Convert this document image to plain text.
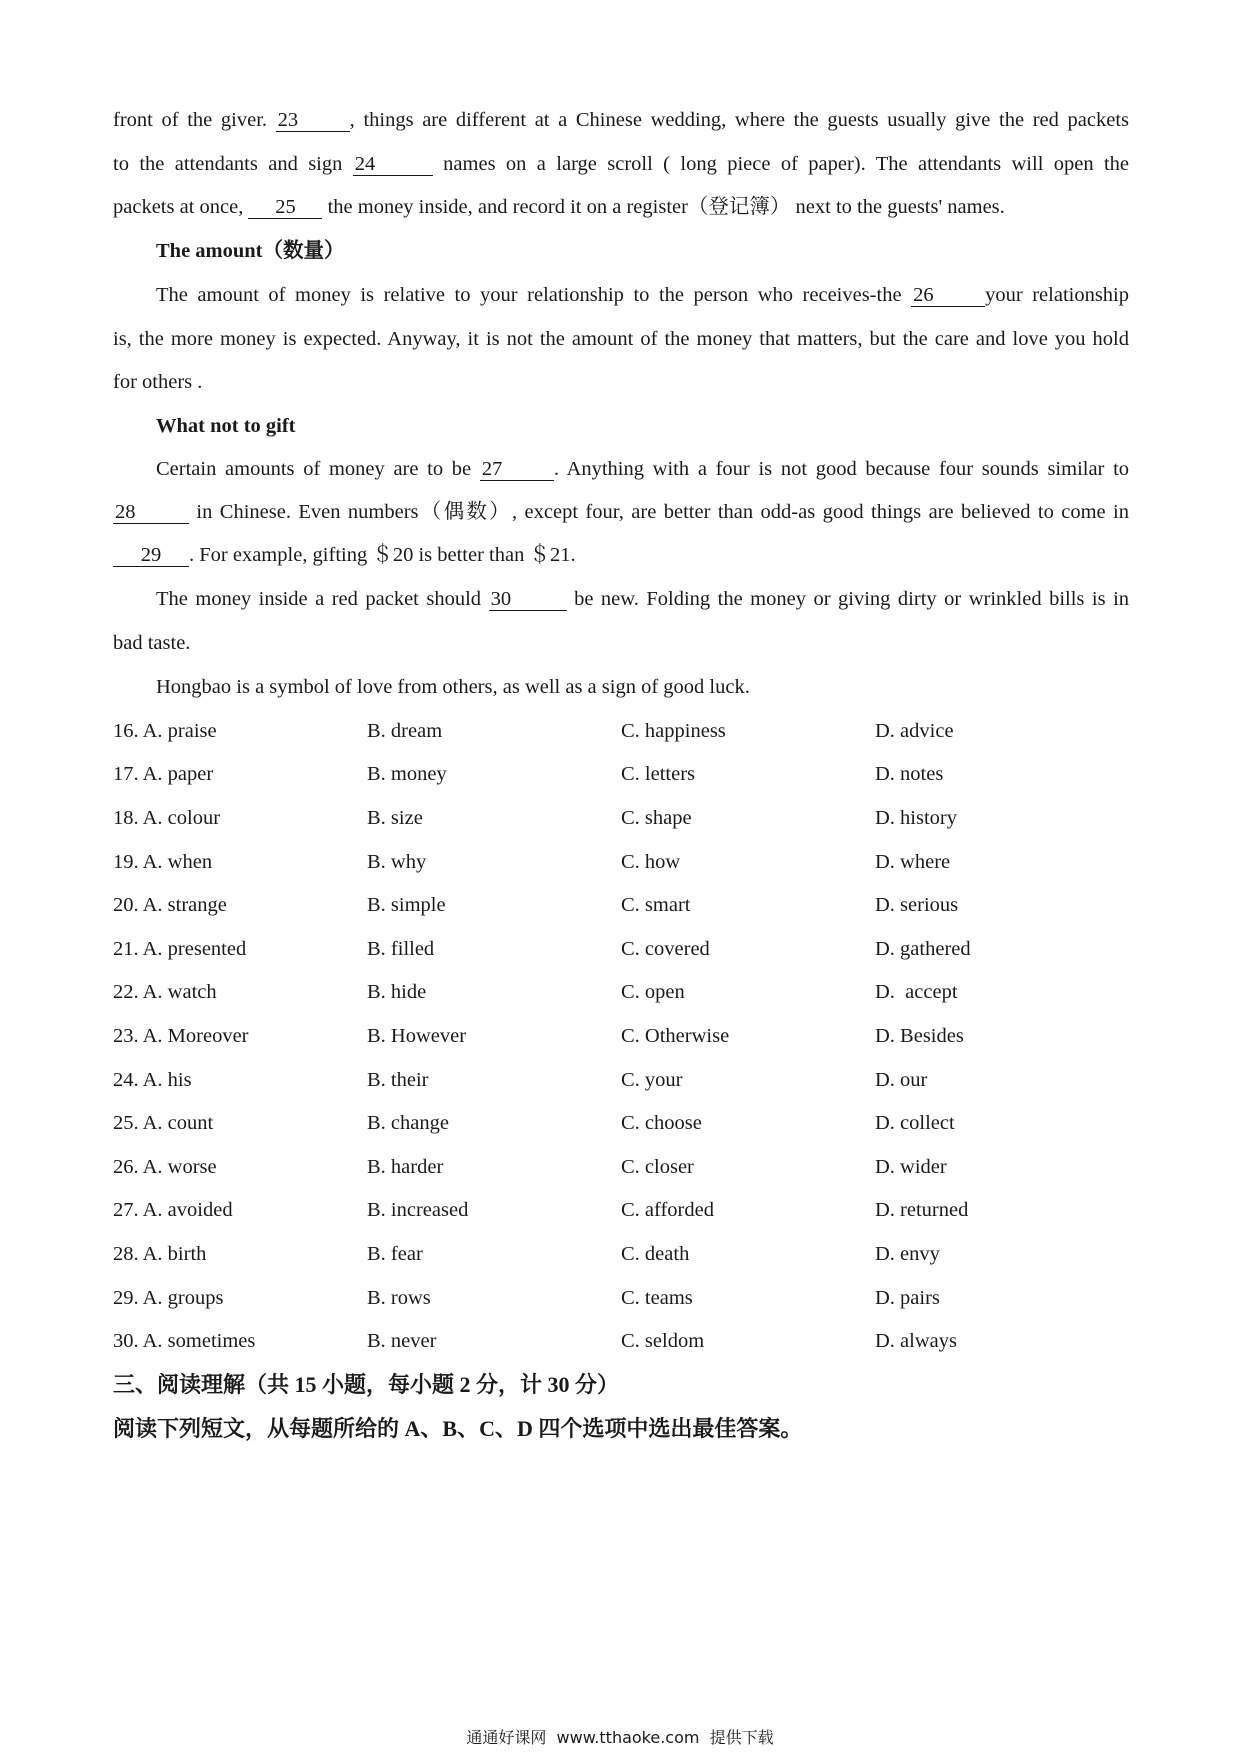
front of the giver. 23	, things are different at a Chinese wedding, where the guests usually give the red packets
to the attendants and sign 24	names on a large scroll ( long piece of paper). The attendants will open the
packets at once, 25 the money inside, and record it on a register（登记簿） next to the guests' names.
The amount（数量）
The amount of money is relative to your relationship to the person who receives-the 26	your relationship
is, the more money is expected. Anyway, it is not the amount of the money that matters, but the care and love you hold
for others .
What not to gift
Certain amounts of money are to be 27	. Anything with a four is not good because four sounds similar to
28	in Chinese. Even numbers（偶数）, except four, are better than odd-as good things are believed to come in
29 . For example, gifting ＄20 is better than ＄21.
The money inside a red packet should 30	be new. Folding the money or giving dirty or wrinkled bills is in
bad taste.
Hongbao is a symbol of love from others, as well as a sign of good luck.
16. A. praise	B. dream	C. happiness	D. advice
17. A. paper	B. money	C. letters	D. notes
18. A. colour	B. size	C. shape	D. history
19. A. when	B. why	C. how	D. where
20. A. strange	B. simple	C. smart	D. serious
21. A. presented	B. filled	C. covered	D. gathered
22. A. watch	B. hide	C. open	D.  accept
23. A. Moreover	B. However	C. Otherwise	D. Besides
24. A. his	B. their	C. your	D. our
25. A. count	B. change	C. choose	D. collect
26. A. worse	B. harder	C. closer	D. wider
27. A. avoided	B. increased	C. afforded	D. returned
28. A. birth	B. fear	C. death	D. envy
29. A. groups	B. rows	C. teams	D. pairs
30. A. sometimes	B. never	C. seldom	D. always
三、阅读理解（共 15 小题，每小题 2 分，计 30 分）
阅读下列短文，从每题所给的 A、B、C、D 四个选项中选出最佳答案。
通通好课网  www.tthaoke.com  提供下载
